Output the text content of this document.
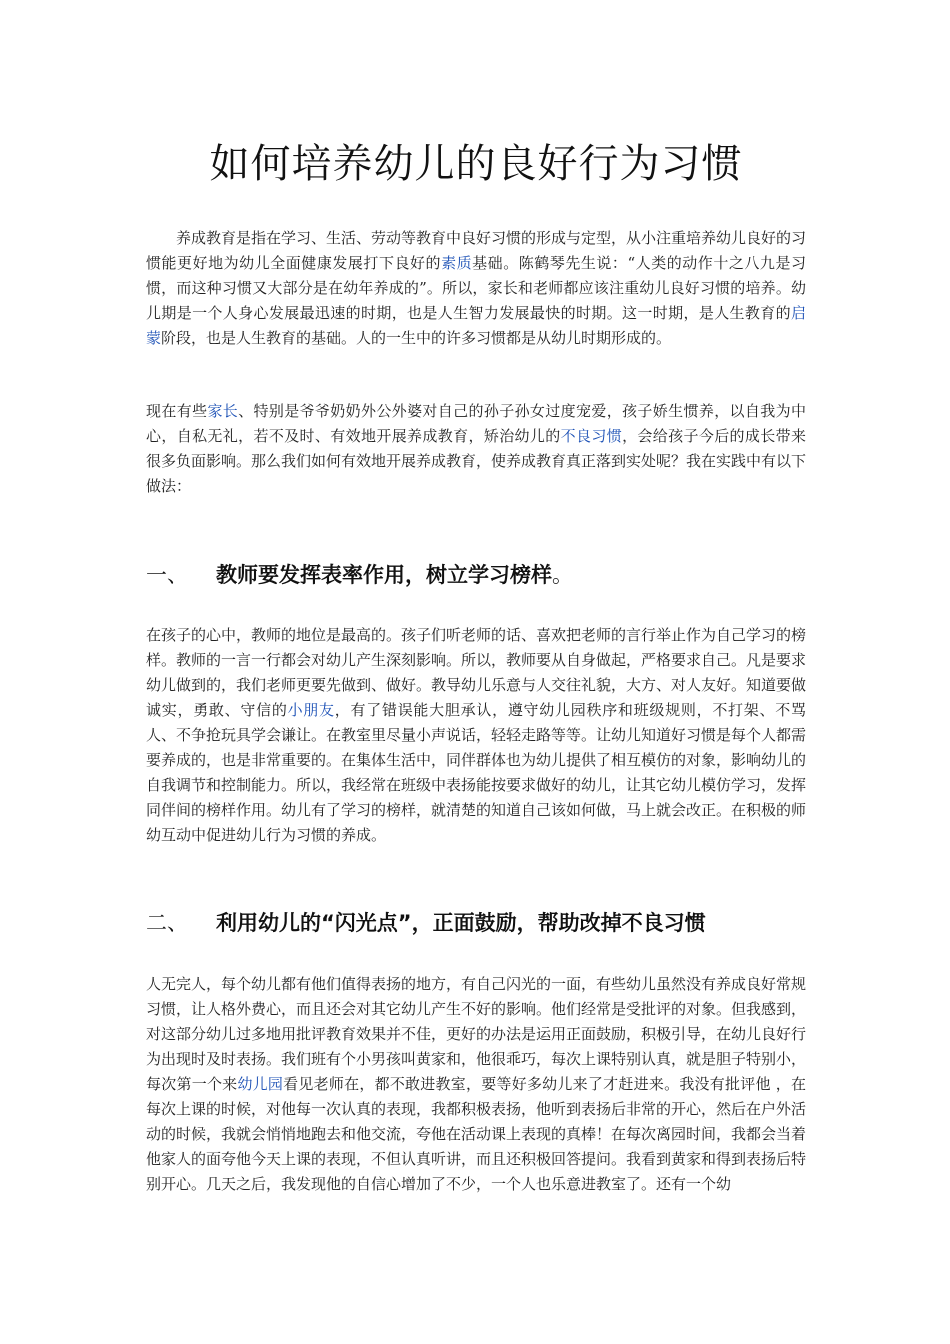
如何培养幼儿的良好行为习惯

养成教育是指在学习、生活、劳动等教育中良好习惯的形成与定型，从小注重培养幼儿良好的习惯能更好地为幼儿全面健康发展打下良好的素质基础。陈鹤琴先生说：“人类的动作十之八九是习惯，而这种习惯又大部分是在幼年养成的”。所以，家长和老师都应该注重幼儿良好习惯的培养。幼儿期是一个人身心发展最迅速的时期，也是人生智力发展最快的时期。这一时期，是人生教育的启蒙阶段，也是人生教育的基础。人的一生中的许多习惯都是从幼儿时期形成的。

现在有些家长、特别是爷爷奶奶外公外婆对自己的孙子孙女过度宠爱，孩子娇生惯养，以自我为中心，自私无礼，若不及时、有效地开展养成教育，矫治幼儿的不良习惯，会给孩子今后的成长带来很多负面影响。那么我们如何有效地开展养成教育，使养成教育真正落到实处呢？我在实践中有以下做法：

一、 教师要发挥表率作用，树立学习榜样。

在孩子的心中，教师的地位是最高的。孩子们听老师的话、喜欢把老师的言行举止作为自己学习的榜样。教师的一言一行都会对幼儿产生深刻影响。所以，教师要从自身做起，严格要求自己。凡是要求幼儿做到的，我们老师更要先做到、做好。教导幼儿乐意与人交往礼貌，大方、对人友好。知道要做诚实，勇敢、守信的小朋友，有了错误能大胆承认，遵守幼儿园秩序和班级规则，不打架、不骂人、不争抢玩具学会谦让。在教室里尽量小声说话，轻轻走路等等。让幼儿知道好习惯是每个人都需要养成的，也是非常重要的。在集体生活中，同伴群体也为幼儿提供了相互模仿的对象，影响幼儿的自我调节和控制能力。所以，我经常在班级中表扬能按要求做好的幼儿，让其它幼儿模仿学习，发挥同伴间的榜样作用。幼儿有了学习的榜样，就清楚的知道自己该如何做，马上就会改正。在积极的师幼互动中促进幼儿行为习惯的养成。

二、 利用幼儿的“闪光点”，正面鼓励，帮助改掉不良习惯

人无完人，每个幼儿都有他们值得表扬的地方，有自己闪光的一面，有些幼儿虽然没有养成良好常规习惯，让人格外费心，而且还会对其它幼儿产生不好的影响。他们经常是受批评的对象。但我感到，对这部分幼儿过多地用批评教育效果并不佳，更好的办法是运用正面鼓励，积极引导，在幼儿良好行为出现时及时表扬。我们班有个小男孩叫黄家和，他很乖巧，每次上课特别认真，就是胆子特别小，每次第一个来幼儿园看见老师在，都不敢进教室，要等好多幼儿来了才赶进来。我没有批评他 ，在每次上课的时候，对他每一次认真的表现，我都积极表扬，他听到表扬后非常的开心，然后在户外活动的时候，我就会悄悄地跑去和他交流，夸他在活动课上表现的真棒！在每次离园时间，我都会当着他家人的面夸他今天上课的表现，不但认真听讲，而且还积极回答提问。我看到黄家和得到表扬后特别开心。几天之后，我发现他的自信心增加了不少，一个人也乐意进教室了。还有一个幼
